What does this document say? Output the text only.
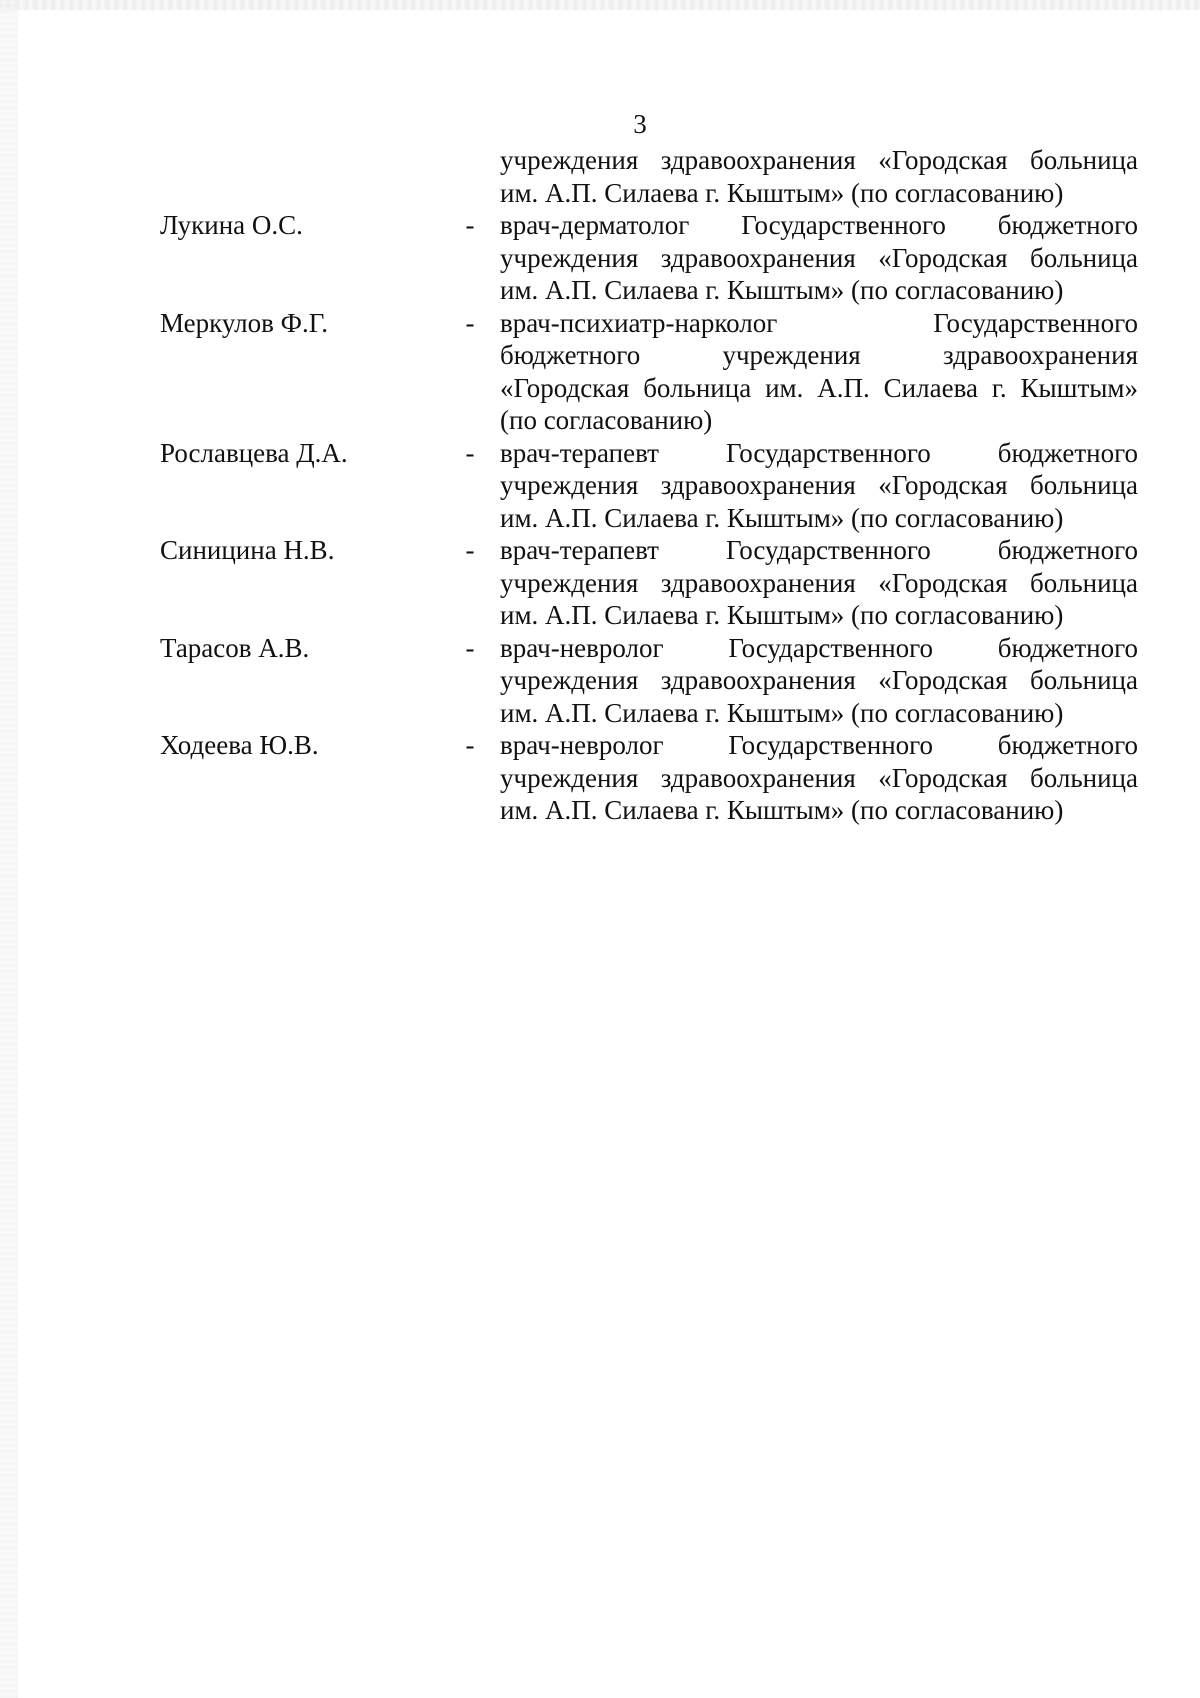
3
учреждения здравоохранения «Городская больница
им. А.П. Силаева г. Кыштым» (по согласованию)
Лукина О.С.	- врач-дерматолог Государственного бюджетного
учреждения здравоохранения «Городская больница
им. А.П. Силаева г. Кыштым» (по согласованию)
Меркулов Ф.Г.	- врач-психиатр-нарколог Государственного
бюджетного учреждения здравоохранения
«Городская больница им. А.П. Силаева г. Кыштым»
(по согласованию)
Рославцева Д.А.	- врач-терапевт Государственного бюджетного
учреждения здравоохранения «Городская больница
им. А.П. Силаева г. Кыштым» (по согласованию)
Синицина Н.В.	- врач-терапевт Государственного бюджетного
учреждения здравоохранения «Городская больница
им. А.П. Силаева г. Кыштым» (по согласованию)
Тарасов А.В.	- врач-невролог Государственного бюджетного
учреждения здравоохранения «Городская больница
им. А.П. Силаева г. Кыштым» (по согласованию)
Ходеева Ю.В.	- врач-невролог Государственного бюджетного
учреждения здравоохранения «Городская больница
им. А.П. Силаева г. Кыштым» (по согласованию)
